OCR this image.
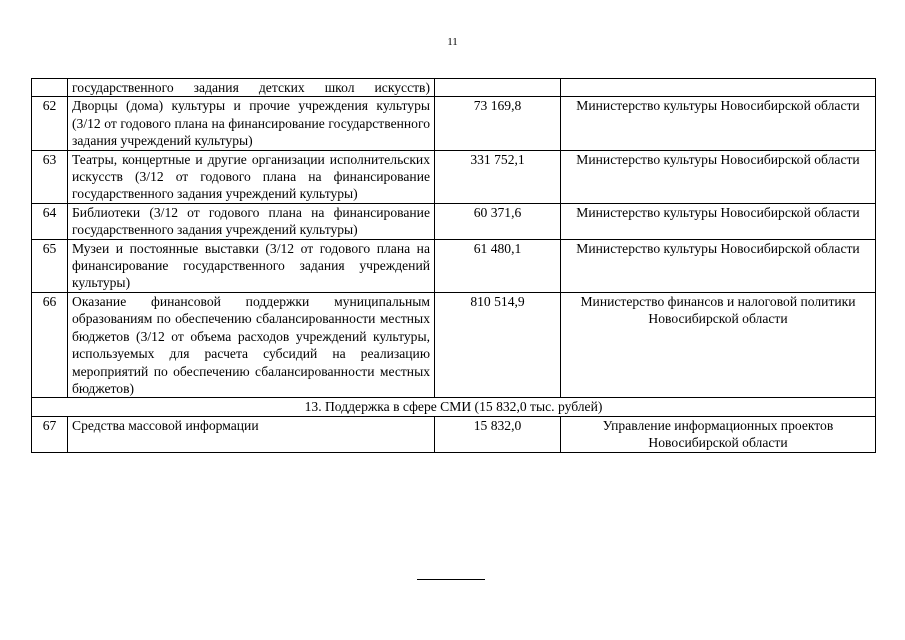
11
	государственного задания детских школ искусств)		
62	Дворцы (дома) культуры и прочие учреждения культуры (3/12 от годового плана на финансирование государственного задания учреждений культуры)	73 169,8	Министерство культуры Новосибирской области
63	Театры, концертные и другие организации исполнительских искусств (3/12 от годового плана на финансирование государственного задания учреждений культуры)	331 752,1	Министерство культуры Новосибирской области
64	Библиотеки (3/12 от годового плана на финансирование государственного задания учреждений культуры)	60 371,6	Министерство культуры Новосибирской области
65	Музеи и постоянные выставки (3/12 от годового плана на финансирование государственного задания учреждений культуры)	61 480,1	Министерство культуры Новосибирской области
66	Оказание финансовой поддержки муниципальным образованиям по обеспечению сбалансированности местных бюджетов (3/12 от объема расходов учреждений культуры, используемых для расчета субсидий на реализацию мероприятий по обеспечению сбалансированности местных бюджетов)	810 514,9	Министерство финансов и налоговой политики Новосибирской области
13. Поддержка в сфере СМИ (15 832,0 тыс. рублей)			
67	Средства массовой информации	15 832,0	Управление информационных проектов Новосибирской области
